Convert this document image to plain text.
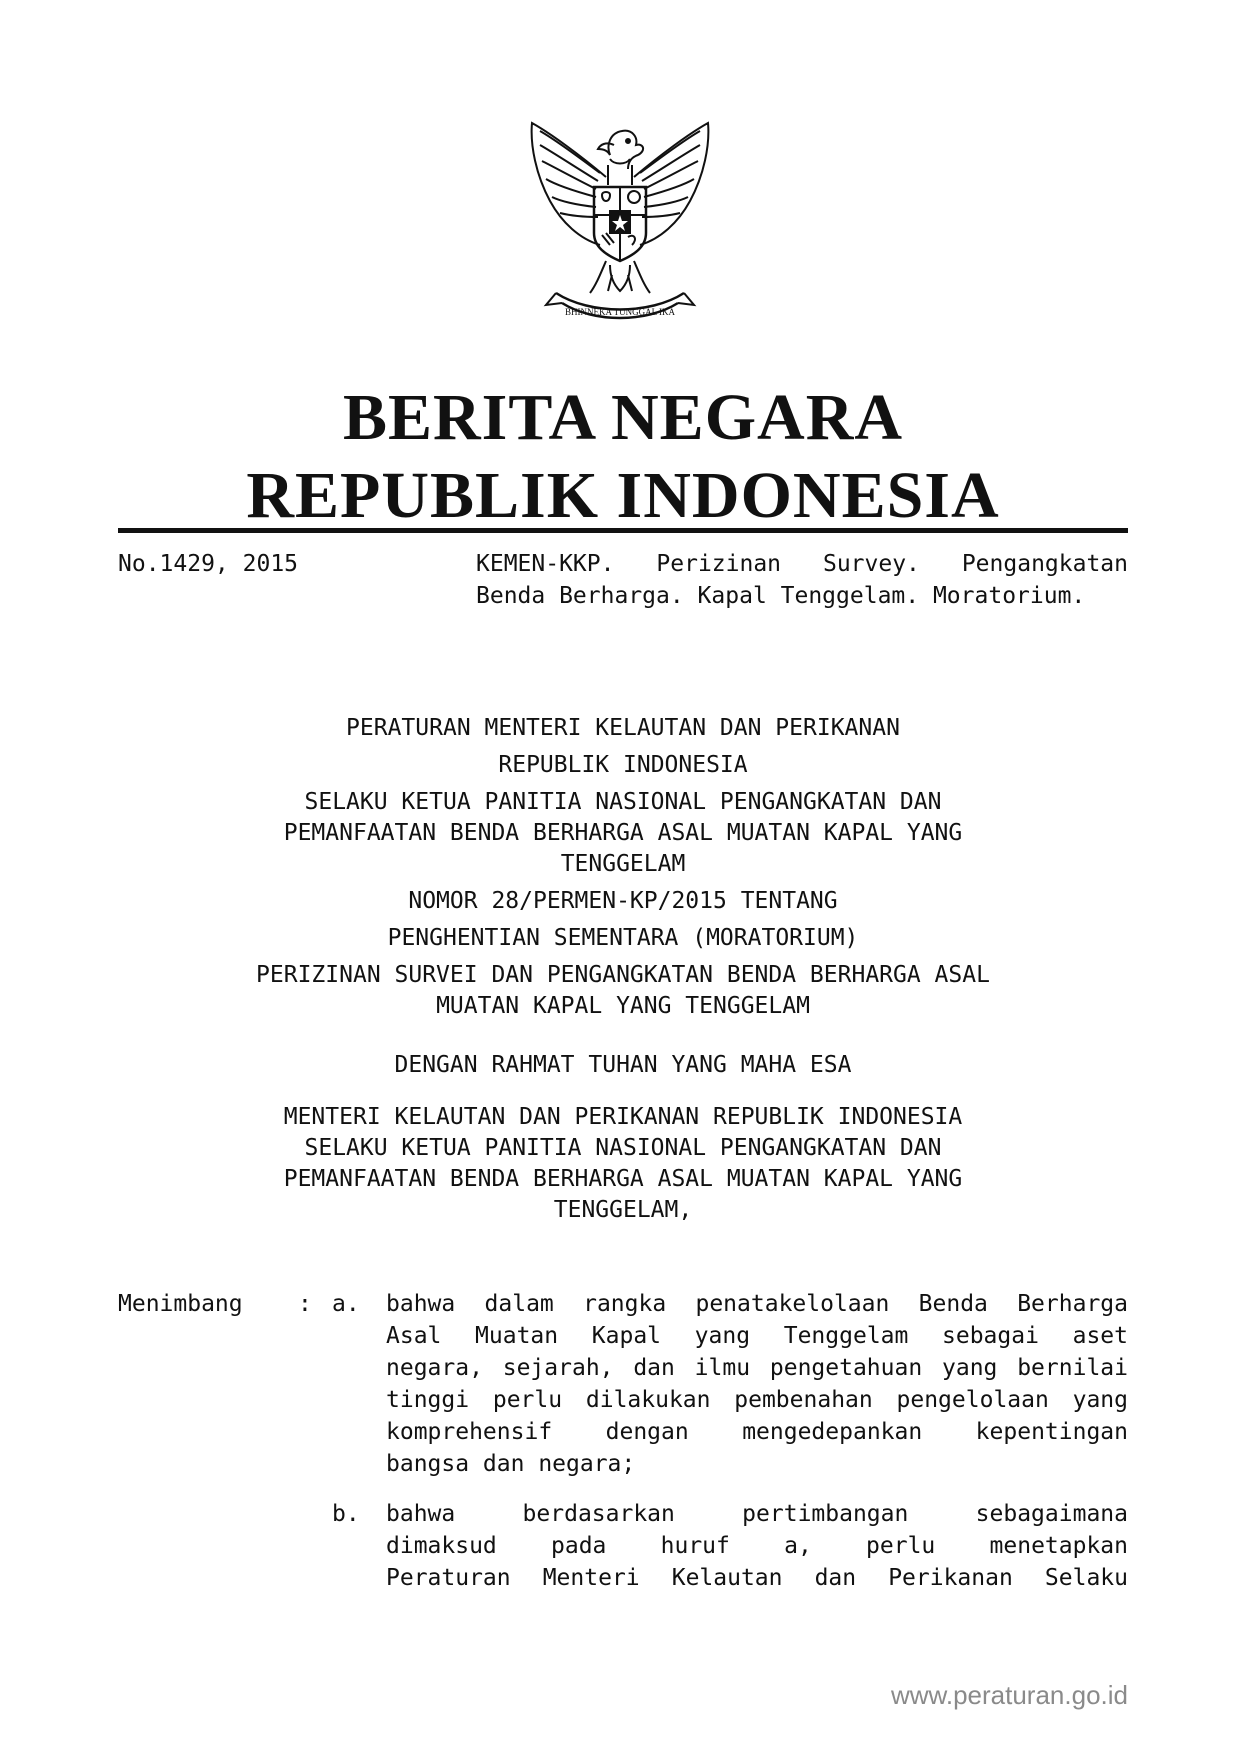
BHINNEKA TUNGGAL IKA
BERITA NEGARA
REPUBLIK INDONESIA
No.1429, 2015	KEMEN-KKP. Perizinan Survey. Pengangkatan
Benda Berharga. Kapal Tenggelam. Moratorium.
PERATURAN MENTERI KELAUTAN DAN PERIKANAN
REPUBLIK INDONESIA
SELAKU KETUA PANITIA NASIONAL PENGANGKATAN DAN
PEMANFAATAN BENDA BERHARGA ASAL MUATAN KAPAL YANG
TENGGELAM
NOMOR 28/PERMEN-KP/2015 TENTANG
PENGHENTIAN SEMENTARA (MORATORIUM)
PERIZINAN SURVEI DAN PENGANGKATAN BENDA BERHARGA ASAL
MUATAN KAPAL YANG TENGGELAM
DENGAN RAHMAT TUHAN YANG MAHA ESA
MENTERI KELAUTAN DAN PERIKANAN REPUBLIK INDONESIA
SELAKU KETUA PANITIA NASIONAL PENGANGKATAN DAN
PEMANFAATAN BENDA BERHARGA ASAL MUATAN KAPAL YANG
TENGGELAM,
Menimbang : a. bahwa dalam rangka penatakelolaan Benda Berharga
Asal Muatan Kapal yang Tenggelam sebagai aset
negara, sejarah, dan ilmu pengetahuan yang bernilai
tinggi perlu dilakukan pembenahan pengelolaan yang
komprehensif dengan mengedepankan kepentingan
bangsa dan negara;
b. bahwa berdasarkan pertimbangan sebagaimana
dimaksud pada huruf a, perlu menetapkan
Peraturan Menteri Kelautan dan Perikanan Selaku
www.peraturan.go.id
